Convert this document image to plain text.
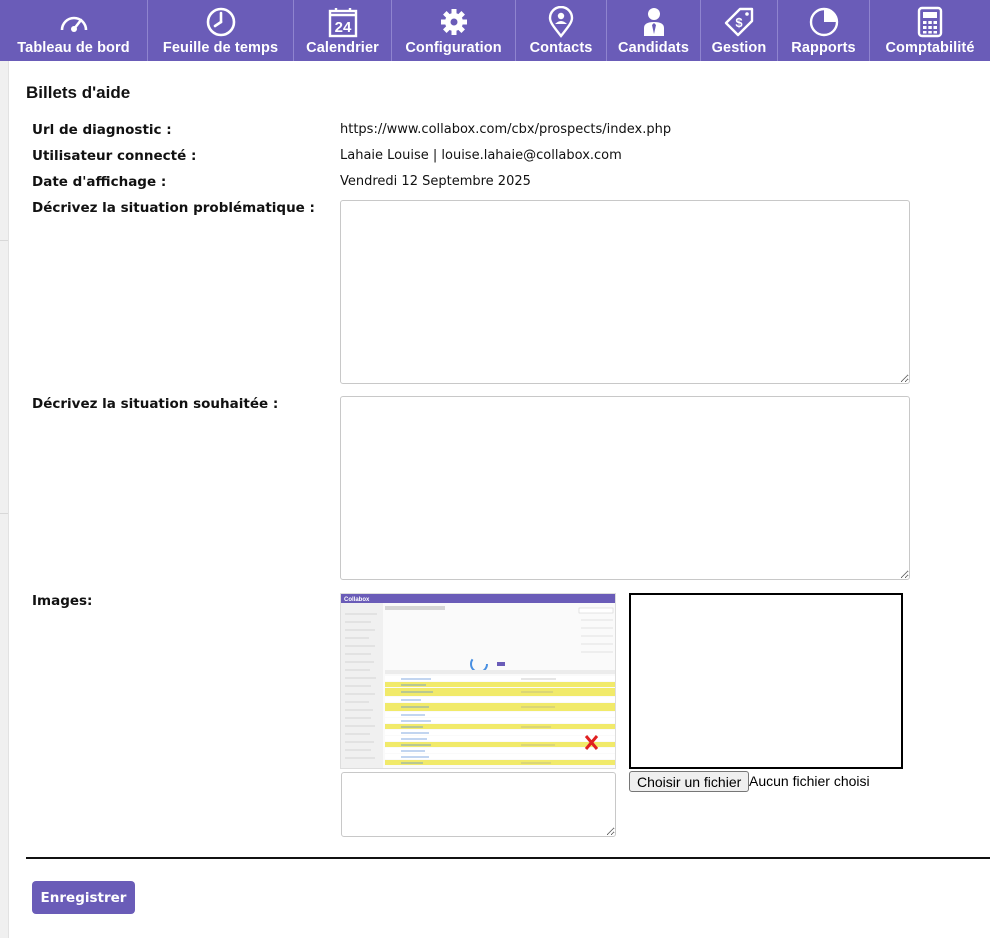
Tableau de bord Feuille de temps
24
Calendrier Configuration Contacts Candidats
$
Gestion Rapports Comptabilité
Billets d'aide
Url de diagnostic :	https://www.collabox.com/cbx/prospects/index.php
Utilisateur connecté :	Lahaie Louise | louise.lahaie@collabox.com
Date d'affichage :	Vendredi 12 Septembre 2025
Décrivez la situation problématique :
Décrivez la situation souhaitée :
Images:	Collabox
Choisir un fichier Aucun fichier choisi
Enregistrer
